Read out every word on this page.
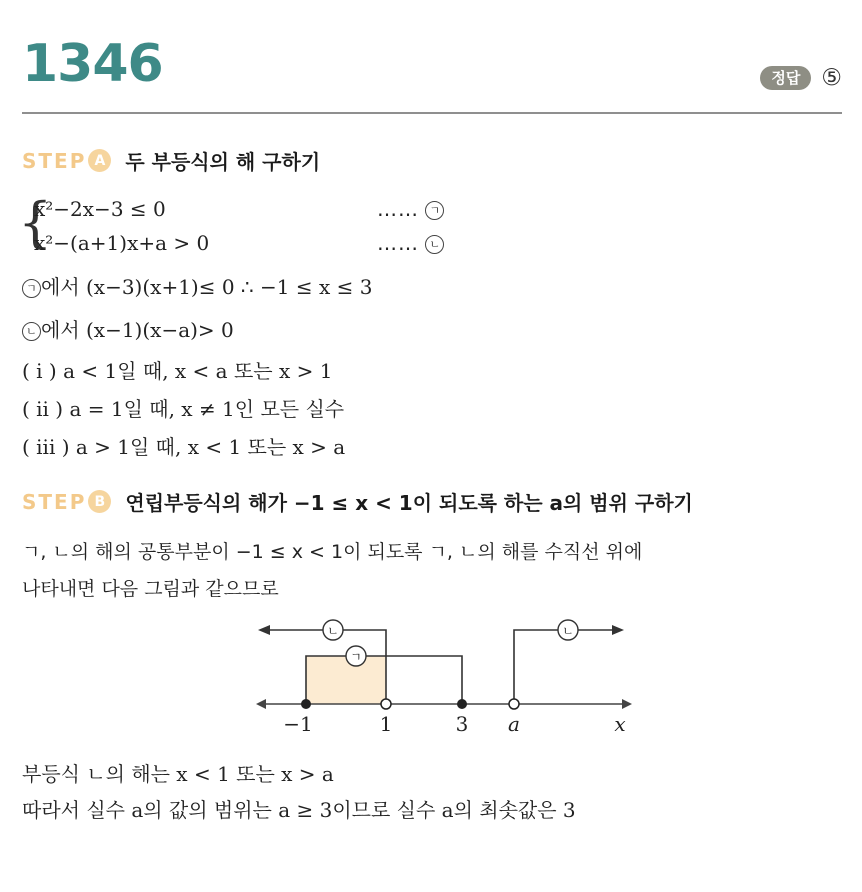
1346	정답 ⑤
STEP A	두 부등식의 해 구하기
{
x²−2x−3 ≤ 0	…… ㄱ
x²−(a+1)x+a > 0	…… ㄴ
ㄱ 에서 (x−3)(x+1)≤ 0 ∴ −1 ≤ x ≤ 3
ㄴ 에서 (x−1)(x−a)> 0
( i ) a < 1일 때, x < a 또는 x > 1
( ii ) a = 1일 때, x ≠ 1인 모든 실수
( iii ) a > 1일 때, x < 1 또는 x > a
STEP B	연립부등식의 해가 −1 ≤ x < 1이 되도록 하는 a의 범위 구하기
ㄱ, ㄴ의 해의 공통부분이 −1 ≤ x < 1이 되도록 ㄱ, ㄴ의 해를 수직선 위에
나타내면 다음 그림과 같으므로
ㄴ
ㄱ
ㄴ
−1	1	3 a	x
부등식 ㄴ의 해는 x < 1 또는 x > a
따라서 실수 a의 값의 범위는 a ≥ 3이므로 실수 a의 최솟값은 3
